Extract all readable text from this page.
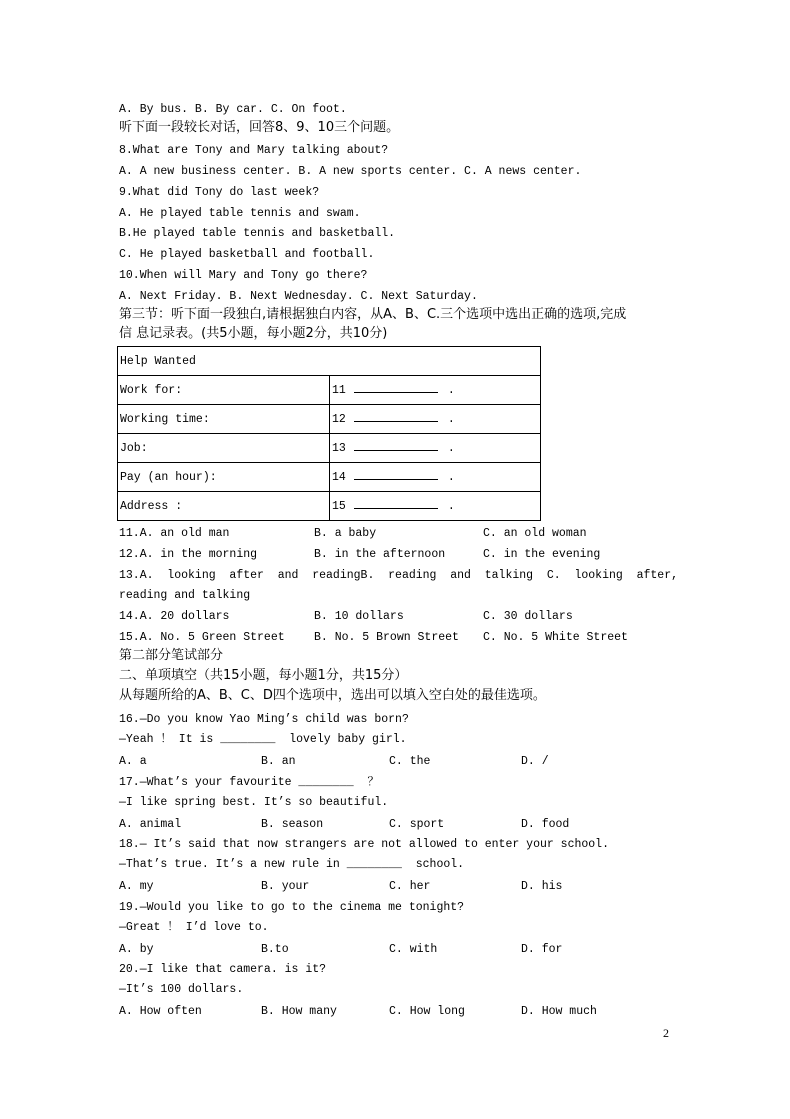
A. By bus. B. By car. C. On foot.
听下面一段较长对话，回答8、9、10三个问题。
8.What are Tony and Mary talking about?
A. A new business center. B. A new sports center. C. A news center.
9.What did Tony do last week?
A. He played table tennis and swam.
B.He played table tennis and basketball.
C. He played basketball and football.
10.When will Mary and Tony go there?
A. Next Friday. B. Next Wednesday. C. Next Saturday.
第三节：听下面一段独白,请根据独白内容，从A、B、C.三个选项中选出正确的选项,完成
信 息记录表。(共5小题，每小题2分，共10分)
Help Wanted	
Work for:	11 .
Working time:	12 .
Job:	13 .
Pay (an hour):	14 .
Address :	15 .
11.A. an old man	B. a baby	C. an old woman
12.A. in the morning	B. in the afternoon	C. in the evening
13.A.  looking  after  and  readingB.  reading  and  talking  C.  looking  after,
reading and talking
14.A. 20 dollars	B. 10 dollars	C. 30 dollars
15.A. No. 5 Green Street	B. No. 5 Brown Street C. No. 5 White Street
第二部分笔试部分
二、单项填空（共15小题，每小题1分，共15分）
从每题所给的A、B、C、D四个选项中，选出可以填入空白处的最佳选项。
16.—Do you know Yao Ming’s child was born?
—Yeah ！ It is ________  lovely baby girl.
A. a	B. an	C. the	D. /
17.—What’s your favourite ________  ？
—I like spring best. It’s so beautiful.
A. animal	B. season	C. sport	D. food
18.— It’s said that now strangers are not allowed to enter your school.
—That’s true. It’s a new rule in ________  school.
A. my	B. your	C. her	D. his
19.—Would you like to go to the cinema me tonight?
—Great ！ I’d love to.
A. by	B.to	C. with	D. for
20.—I like that camera. is it?
—It’s 100 dollars.
A. How often	B. How many	C. How long	D. How much
2
